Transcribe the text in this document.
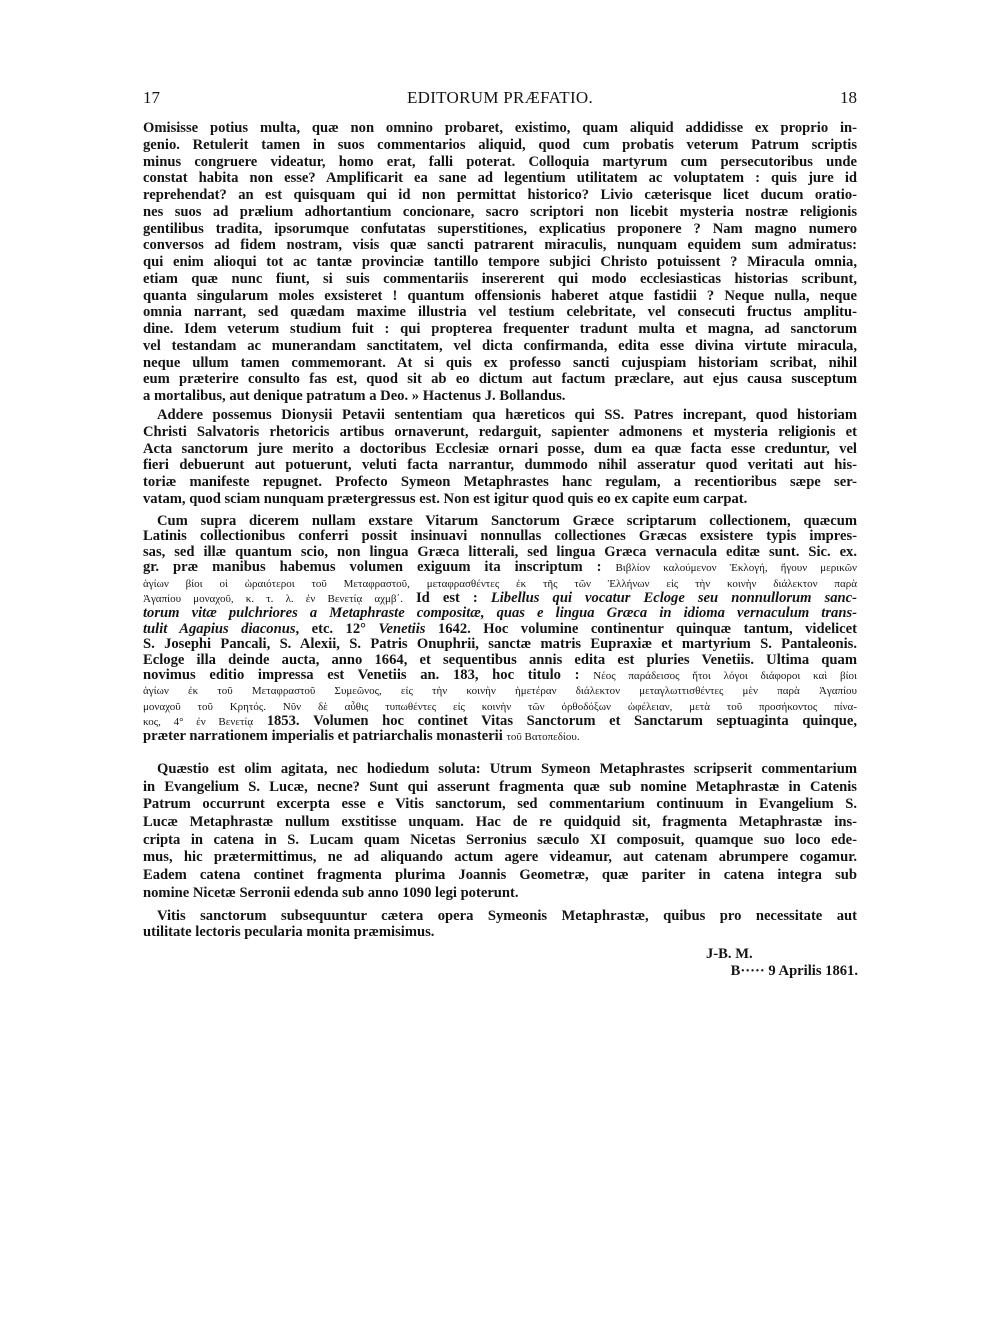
17	EDITORUM PRÆFATIO.	18
Omisisse potius multa, quæ non omnino probaret, existimo, quam aliquid addidisse ex proprio in-
genio. Retulerit tamen in suos commentarios aliquid, quod cum probatis veterum Patrum scriptis
minus congruere videatur, homo erat, falli poterat. Colloquia martyrum cum persecutoribus unde
constat habita non esse? Amplificarit ea sane ad legentium utilitatem ac voluptatem : quis jure id
reprehendat? an est quisquam qui id non permittat historico? Livio cæterisque licet ducum oratio-
nes suos ad prælium adhortantium concionare, sacro scriptori non licebit mysteria nostræ religionis
gentilibus tradita, ipsorumque confutatas superstitiones, explicatius proponere ? Nam magno numero
conversos ad fidem nostram, visis quæ sancti patrarent miraculis, nunquam equidem sum admiratus:
qui enim alioqui tot ac tantæ provinciæ tantillo tempore subjici Christo potuissent ? Miracula omnia,
etiam quæ nunc fiunt, si suis commentariis insererent qui modo ecclesiasticas historias scribunt,
quanta singularum moles exsisteret ! quantum offensionis haberet atque fastidii ? Neque nulla, neque
omnia narrant, sed quædam maxime illustria vel testium celebritate, vel consecuti fructus amplitu-
dine. Idem veterum studium fuit : qui propterea frequenter tradunt multa et magna, ad sanctorum
vel testandam ac munerandam sanctitatem, vel dicta confirmanda, edita esse divina virtute miracula,
neque ullum tamen commemorant. At si quis ex professo sancti cujuspiam historiam scribat, nihil
eum præterire consulto fas est, quod sit ab eo dictum aut factum præclare, aut ejus causa susceptum
a mortalibus, aut denique patratum a Deo. » Hactenus J. Bollandus.
Addere possemus Dionysii Petavii sententiam qua hæreticos qui SS. Patres increpant, quod historiam
Christi Salvatoris rhetoricis artibus ornaverunt, redarguit, sapienter admonens et mysteria religionis et
Acta sanctorum jure merito a doctoribus Ecclesiæ ornari posse, dum ea quæ facta esse creduntur, vel
fieri debuerunt aut potuerunt, veluti facta narrantur, dummodo nihil asseratur quod veritati aut his-
toriæ manifeste repugnet. Profecto Symeon Metaphrastes hanc regulam, a recentioribus sæpe ser-
vatam, quod sciam nunquam prætergressus est. Non est igitur quod quis eo ex capite eum carpat.
Cum supra dicerem nullam exstare Vitarum Sanctorum Græce scriptarum collectionem, quæcum
Latinis collectionibus conferri possit insinuavi nonnullas collectiones Græcas exsistere typis impres-
sas, sed illæ quantum scio, non lingua Græca litterali, sed lingua Græca vernacula editæ sunt. Sic. ex.
gr. præ manibus habemus volumen exiguum ita inscriptum : Βιβλίον καλούμενον Ἐκλογή, ἤγουν μερικῶν
ἁγίων βίοι οἱ ὡραιότεροι τοῦ Μεταφραστοῦ, μεταφρασθέντες ἐκ τῆς τῶν Ἑλλήνων εἰς τὴν κοινὴν διάλεκτον παρὰ
Ἀγαπίου μοναχοῦ, κ. τ. λ. ἐν Βενετίᾳ αχμβ΄. Id est : Libellus qui vocatur Ecloge seu nonnullorum sanc-
torum vitæ pulchriores a Metaphraste compositæ, quas e lingua Græca in idioma vernaculum trans-
tulit Agapius diaconus, etc. 12° Venetiis 1642. Hoc volumine continentur quinquæ tantum, videlicet
S. Josephi Pancali, S. Alexii, S. Patris Onuphrii, sanctæ matris Eupraxiæ et martyrium S. Pantaleonis.
Ecloge illa deinde aucta, anno 1664, et sequentibus annis edita est pluries Venetiis. Ultima quam
novimus editio impressa est Venetiis an. 183, hoc titulo : Νέος παράδεισος ἤτοι λόγοι διάφοροι καὶ βίοι
ἁγίων ἐκ τοῦ Μεταφραστοῦ Συμεῶνος, εἰς τὴν κοινὴν ἡμετέραν διάλεκτον μεταγλωττισθέντες μὲν παρὰ Ἀγαπίου
μοναχοῦ τοῦ Κρητός. Νῦν δὲ αὖθις τυπωθέντες εἰς κοινὴν τῶν ὀρθοδόξων ὠφέλειαν, μετὰ τοῦ προσήκοντος πίνα-
κος, 4° ἐν Βενετίᾳ 1853. Volumen hoc continet Vitas Sanctorum et Sanctarum septuaginta quinque,
præter narrationem imperialis et patriarchalis monasterii τοῦ Βατοπεδίου.
Quæstio est olim agitata, nec hodiedum soluta: Utrum Symeon Metaphrastes scripserit commentarium
in Evangelium S. Lucæ, necne? Sunt qui asserunt fragmenta quæ sub nomine Metaphrastæ in Catenis
Patrum occurrunt excerpta esse e Vitis sanctorum, sed commentarium continuum in Evangelium S.
Lucæ Metaphrastæ nullum exstitisse unquam. Hac de re quidquid sit, fragmenta Metaphrastæ ins-
cripta in catena in S. Lucam quam Nicetas Serronius sæculo XI composuit, quamque suo loco ede-
mus, hic prætermittimus, ne ad aliquando actum agere videamur, aut catenam abrumpere cogamur.
Eadem catena continet fragmenta plurima Joannis Geometræ, quæ pariter in catena integra sub
nomine Nicetæ Serronii edenda sub anno 1090 legi poterunt.
Vitis sanctorum subsequuntur cætera opera Symeonis Metaphrastæ, quibus pro necessitate aut
utilitate lectoris pecularia monita præmisimus.
J-B. M.
B····· 9 Aprilis 1861.
